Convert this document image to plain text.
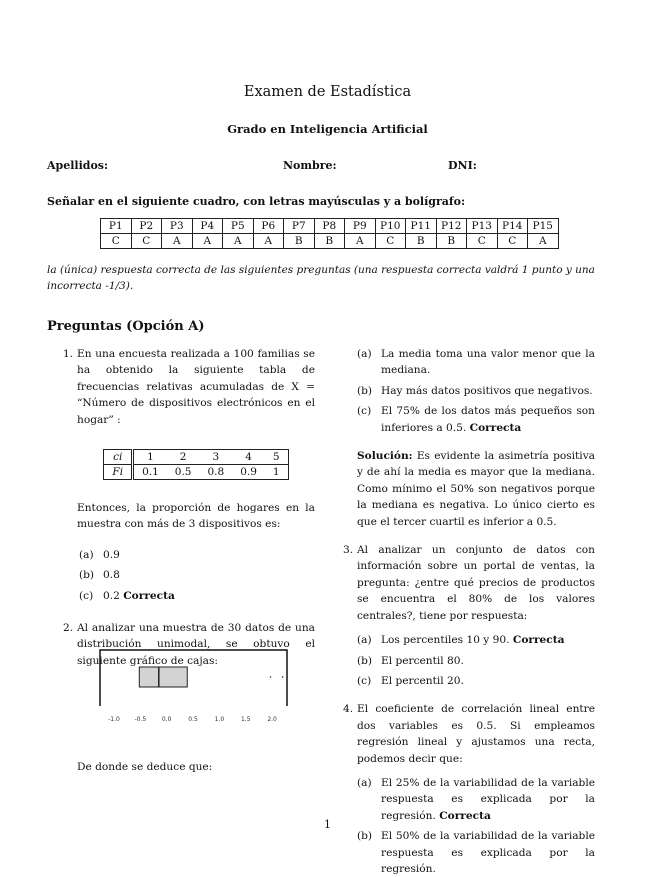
Examen de Estadística
Grado en Inteligencia Artificial
Apellidos:	Nombre:	DNI:
Señalar en el siguiente cuadro, con letras mayúsculas y a bolígrafo:
P1	P2	P3	P4	P5	P6	P7	P8	P9	P10	P11	P12	P13	P14	P15
C	C	A	A	A	A	B	B	A	C	B	B	C	C	A
la (única) respuesta correcta de las siguientes preguntas (una respuesta correcta valdrá 1 punto y una incorrecta -1/3).
Preguntas (Opción A)
1. En una encuesta realizada a 100 familias se ha obtenido la siguiente tabla de frecuencias relativas acumuladas de X = “Número de dispositivos electrónicos en el hogar” :
ci	1	2	3	4	5
Fi	0.1	0.5	0.8	0.9	1
Entonces, la proporción de hogares en la muestra con más de 3 dispositivos es:
(a) 0.9
(b) 0.8
(c) 0.2 Correcta
2. Al analizar una muestra de 30 datos de una distribución unimodal, se obtuvo el siguiente gráfico de cajas:
-1.0 -0.5	0.0	0.5	1.0	1.5	2.0
De donde se deduce que:
(a) La media toma una valor menor que la mediana.
(b) Hay más datos positivos que negativos.
(c) El 75% de los datos más pequeños son inferiores a 0.5. Correcta
Solución: Es evidente la asimetría positiva y de ahí la media es mayor que la mediana. Como mínimo el 50% son negativos porque la mediana es negativa. Lo único cierto es que el tercer cuartil es inferior a 0.5.
3. Al analizar un conjunto de datos con información sobre un portal de ventas, la pregunta: ¿entre qué precios de productos se encuentra el 80% de los valores centrales?, tiene por respuesta:
(a) Los percentiles 10 y 90. Correcta
(b) El percentil 80.
(c) El percentil 20.
4. El coeficiente de correlación lineal entre dos variables es 0.5. Si empleamos regresión lineal y ajustamos una recta, podemos decir que:
(a) El 25% de la variabilidad de la variable respuesta es explicada por la regresión. Correcta
(b) El 50% de la variabilidad de la variable respuesta es explicada por la regresión.
1
